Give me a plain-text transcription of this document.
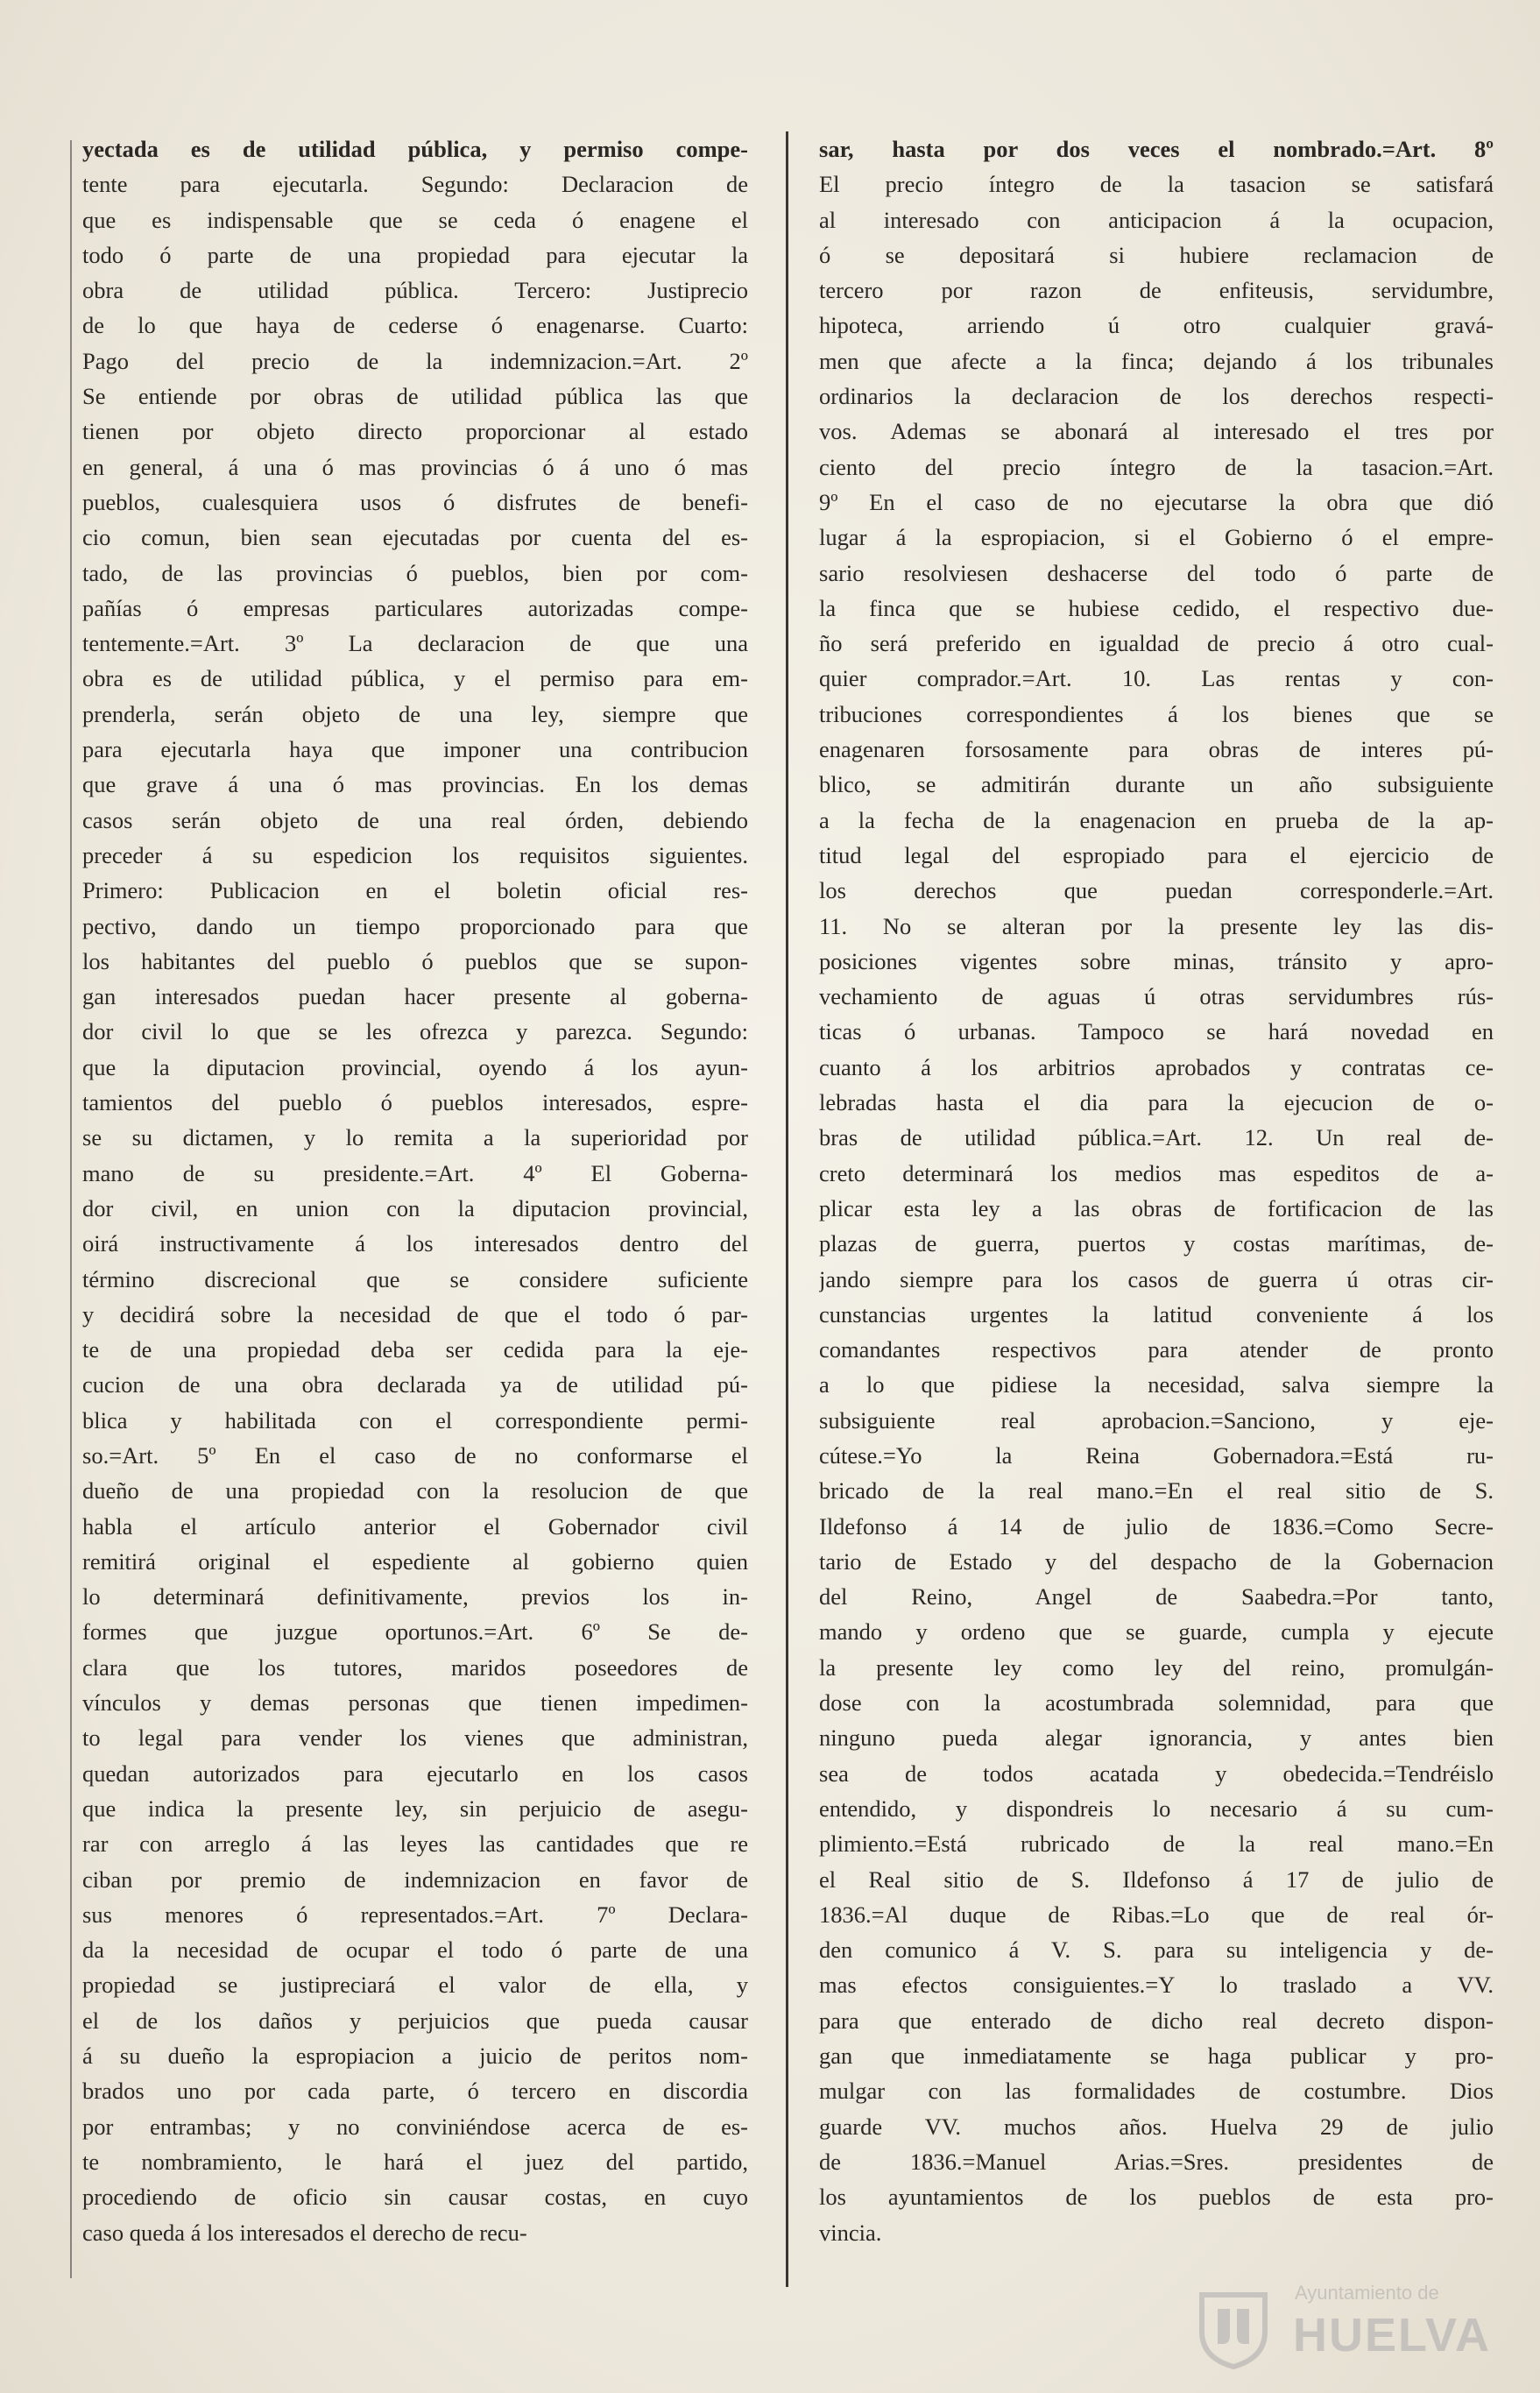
yectada es de utilidad pública, y permiso compe-
tente para ejecutarla. Segundo: Declaracion de
que es indispensable que se ceda ó enagene el
todo ó parte de una propiedad para ejecutar la
obra de utilidad pública. Tercero: Justiprecio
de lo que haya de cederse ó enagenarse. Cuarto:
Pago del precio de la indemnizacion.=Art. 2º
Se entiende por obras de utilidad pública las que
tienen por objeto directo proporcionar al estado
en general, á una ó mas provincias ó á uno ó mas
pueblos, cualesquiera usos ó disfrutes de benefi-
cio comun, bien sean ejecutadas por cuenta del es-
tado, de las provincias ó pueblos, bien por com-
pañías ó empresas particulares autorizadas compe-
tentemente.=Art. 3º La declaracion de que una
obra es de utilidad pública, y el permiso para em-
prenderla, serán objeto de una ley, siempre que
para ejecutarla haya que imponer una contribucion
que grave á una ó mas provincias. En los demas
casos serán objeto de una real órden, debiendo
preceder á su espedicion los requisitos siguientes.
Primero: Publicacion en el boletin oficial res-
pectivo, dando un tiempo proporcionado para que
los habitantes del pueblo ó pueblos que se supon-
gan interesados puedan hacer presente al goberna-
dor civil lo que se les ofrezca y parezca. Segundo:
que la diputacion provincial, oyendo á los ayun-
tamientos del pueblo ó pueblos interesados, espre-
se su dictamen, y lo remita a la superioridad por
mano de su presidente.=Art. 4º El Goberna-
dor civil, en union con la diputacion provincial,
oirá instructivamente á los interesados dentro del
término discrecional que se considere suficiente
y decidirá sobre la necesidad de que el todo ó par-
te de una propiedad deba ser cedida para la eje-
cucion de una obra declarada ya de utilidad pú-
blica y habilitada con el correspondiente permi-
so.=Art. 5º En el caso de no conformarse el
dueño de una propiedad con la resolucion de que
habla el artículo anterior el Gobernador civil
remitirá original el espediente al gobierno quien
lo determinará definitivamente, previos los in-
formes que juzgue oportunos.=Art. 6º Se de-
clara que los tutores, maridos poseedores de
vínculos y demas personas que tienen impedimen-
to legal para vender los vienes que administran,
quedan autorizados para ejecutarlo en los casos
que indica la presente ley, sin perjuicio de asegu-
rar con arreglo á las leyes las cantidades que re
ciban por premio de indemnizacion en favor de
sus menores ó representados.=Art. 7º Declara-
da la necesidad de ocupar el todo ó parte de una
propiedad se justipreciará el valor de ella, y
el de los daños y perjuicios que pueda causar
á su dueño la espropiacion a juicio de peritos nom-
brados uno por cada parte, ó tercero en discordia
por entrambas; y no conviniéndose acerca de es-
te nombramiento, le hará el juez del partido,
procediendo de oficio sin causar costas, en cuyo
caso queda á los interesados el derecho de recu-
sar, hasta por dos veces el nombrado.=Art. 8º
El precio íntegro de la tasacion se satisfará
al interesado con anticipacion á la ocupacion,
ó se depositará si hubiere reclamacion de
tercero por razon de enfiteusis, servidumbre,
hipoteca, arriendo ú otro cualquier gravá-
men que afecte a la finca; dejando á los tribunales
ordinarios la declaracion de los derechos respecti-
vos. Ademas se abonará al interesado el tres por
ciento del precio íntegro de la tasacion.=Art.
9º En el caso de no ejecutarse la obra que dió
lugar á la espropiacion, si el Gobierno ó el empre-
sario resolviesen deshacerse del todo ó parte de
la finca que se hubiese cedido, el respectivo due-
ño será preferido en igualdad de precio á otro cual-
quier comprador.=Art. 10. Las rentas y con-
tribuciones correspondientes á los bienes que se
enagenaren forsosamente para obras de interes pú-
blico, se admitirán durante un año subsiguiente
a la fecha de la enagenacion en prueba de la ap-
titud legal del espropiado para el ejercicio de
los derechos que puedan corresponderle.=Art.
11. No se alteran por la presente ley las dis-
posiciones vigentes sobre minas, tránsito y apro-
vechamiento de aguas ú otras servidumbres rús-
ticas ó urbanas. Tampoco se hará novedad en
cuanto á los arbitrios aprobados y contratas ce-
lebradas hasta el dia para la ejecucion de o-
bras de utilidad pública.=Art. 12. Un real de-
creto determinará los medios mas espeditos de a-
plicar esta ley a las obras de fortificacion de las
plazas de guerra, puertos y costas marítimas, de-
jando siempre para los casos de guerra ú otras cir-
cunstancias urgentes la latitud conveniente á los
comandantes respectivos para atender de pronto
a lo que pidiese la necesidad, salva siempre la
subsiguiente real aprobacion.=Sanciono, y eje-
cútese.=Yo la Reina Gobernadora.=Está ru-
bricado de la real mano.=En el real sitio de S.
Ildefonso á 14 de julio de 1836.=Como Secre-
tario de Estado y del despacho de la Gobernacion
del Reino, Angel de Saabedra.=Por tanto,
mando y ordeno que se guarde, cumpla y ejecute
la presente ley como ley del reino, promulgán-
dose con la acostumbrada solemnidad, para que
ninguno pueda alegar ignorancia, y antes bien
sea de todos acatada y obedecida.=Tendréislo
entendido, y dispondreis lo necesario á su cum-
plimiento.=Está rubricado de la real mano.=En
el Real sitio de S. Ildefonso á 17 de julio de
1836.=Al duque de Ribas.=Lo que de real ór-
den comunico á V. S. para su inteligencia y de-
mas efectos consiguientes.=Y lo traslado a VV.
para que enterado de dicho real decreto dispon-
gan que inmediatamente se haga publicar y pro-
mulgar con las formalidades de costumbre. Dios
guarde VV. muchos años. Huelva 29 de julio
de 1836.=Manuel Arias.=Sres. presidentes de
los ayuntamientos de los pueblos de esta pro-
vincia.
Ayuntamiento de
HUELVA
